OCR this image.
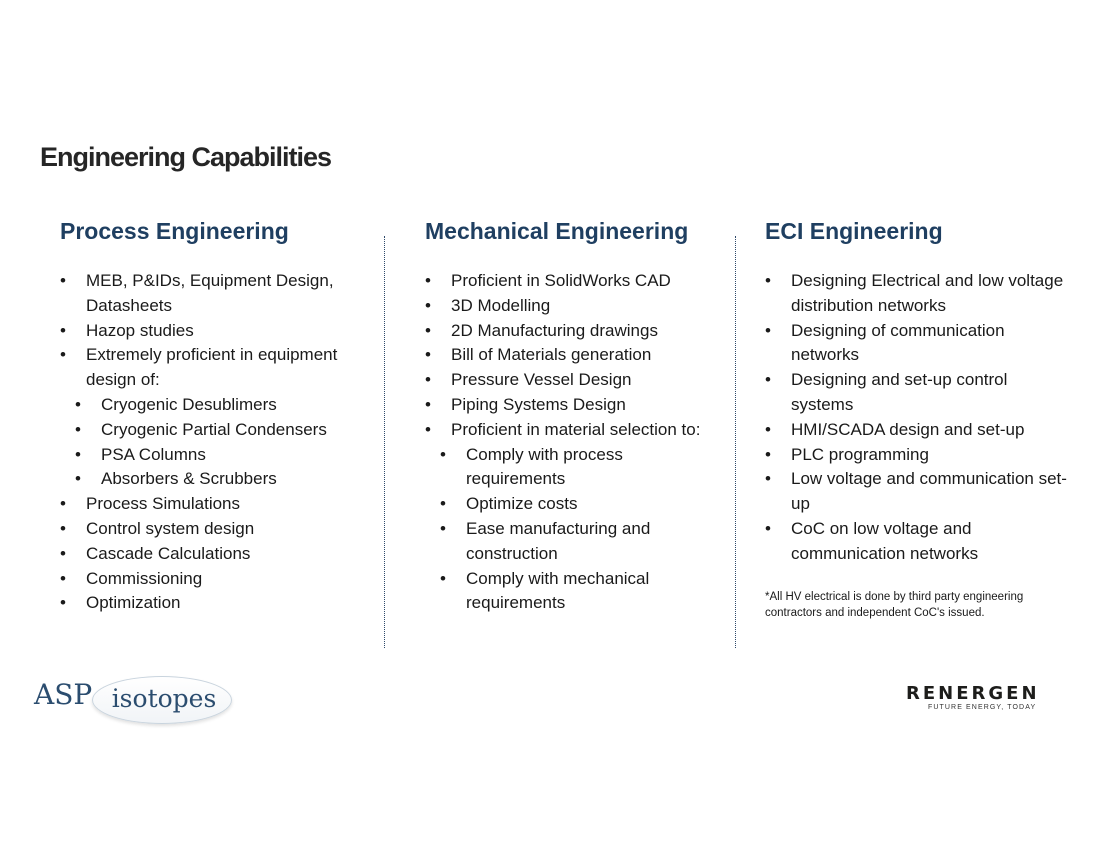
Engineering Capabilities
Process Engineering
• MEB, P&IDs, Equipment Design, Datasheets
• Hazop studies
• Extremely proficient in equipment design of:
• Cryogenic Desublimers
• Cryogenic Partial Condensers
• PSA Columns
• Absorbers & Scrubbers
• Process Simulations
• Control system design
• Cascade Calculations
• Commissioning
• Optimization
Mechanical Engineering
• Proficient in SolidWorks CAD
• 3D Modelling
• 2D Manufacturing drawings
• Bill of Materials generation
• Pressure Vessel Design
• Piping Systems Design
• Proficient in material selection to:
• Comply with process requirements
• Optimize costs
• Ease manufacturing and construction
• Comply with mechanical requirements
ECI Engineering
• Designing Electrical and low voltage distribution networks
• Designing of communication networks
• Designing and set-up control systems
• HMI/SCADA design and set-up
• PLC programming
• Low voltage and communication set-up
• CoC on low voltage and communication networks
*All HV electrical is done by third party engineering contractors and independent CoC's issued.
ASP isotopes	RENERGEN
FUTURE ENERGY, TODAY
